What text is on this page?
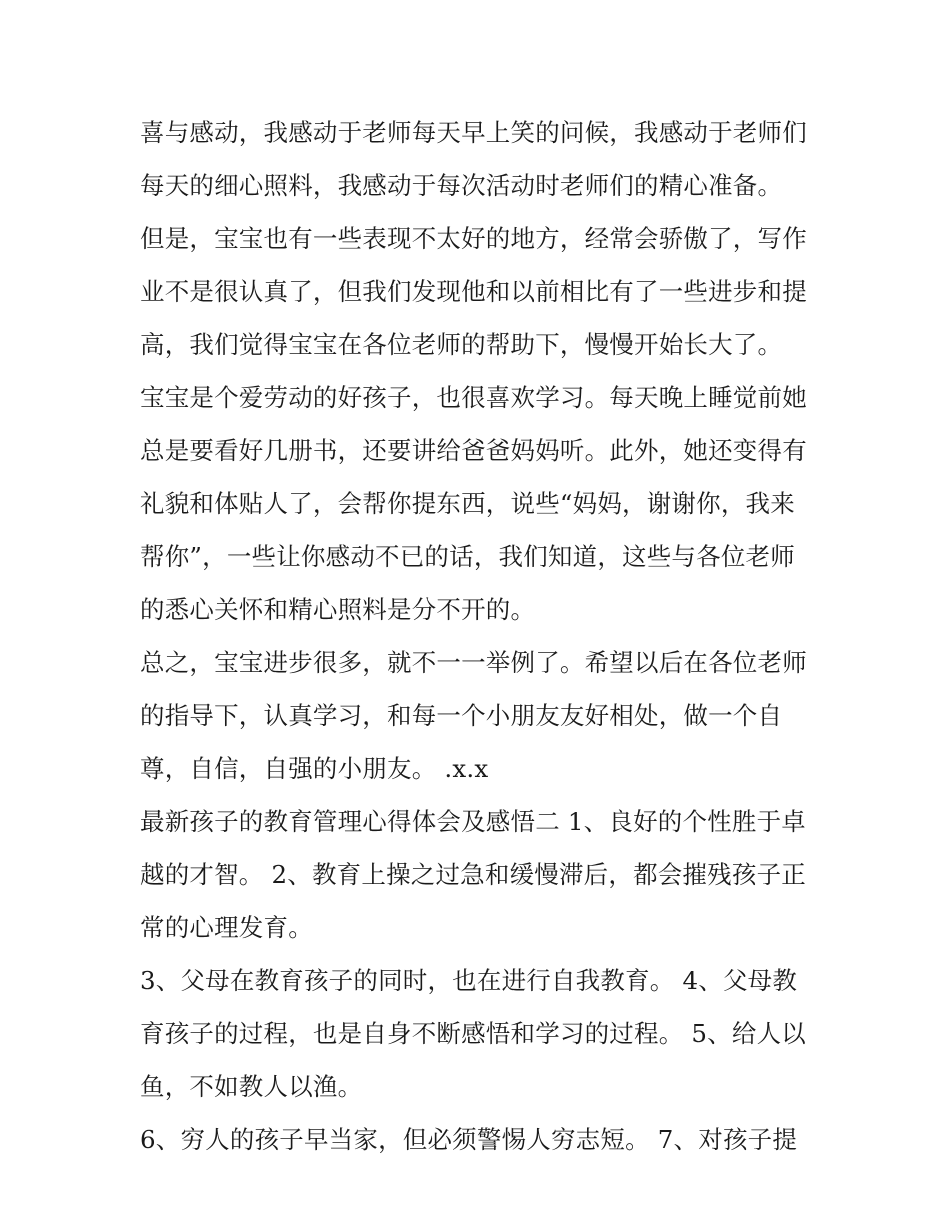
喜与感动，我感动于老师每天早上笑的问候，我感动于老师们
每天的细心照料，我感动于每次活动时老师们的精心准备。
但是，宝宝也有一些表现不太好的地方，经常会骄傲了，写作
业不是很认真了，但我们发现他和以前相比有了一些进步和提
高，我们觉得宝宝在各位老师的帮助下，慢慢开始长大了。
宝宝是个爱劳动的好孩子，也很喜欢学习。每天晚上睡觉前她
总是要看好几册书，还要讲给爸爸妈妈听。此外，她还变得有
礼貌和体贴人了，会帮你提东西，说些“妈妈，谢谢你，我来
帮你”，一些让你感动不已的话，我们知道，这些与各位老师
的悉心关怀和精心照料是分不开的。
总之，宝宝进步很多，就不一一举例了。希望以后在各位老师
的指导下，认真学习，和每一个小朋友友好相处，做一个自
尊，自信，自强的小朋友。 .x.x
最新孩子的教育管理心得体会及感悟二 1、良好的个性胜于卓
越的才智。 2、教育上操之过急和缓慢滞后，都会摧残孩子正
常的心理发育。
3、父母在教育孩子的同时，也在进行自我教育。 4、父母教
育孩子的过程，也是自身不断感悟和学习的过程。 5、给人以
鱼，不如教人以渔。
6、穷人的孩子早当家，但必须警惕人穷志短。 7、对孩子提
